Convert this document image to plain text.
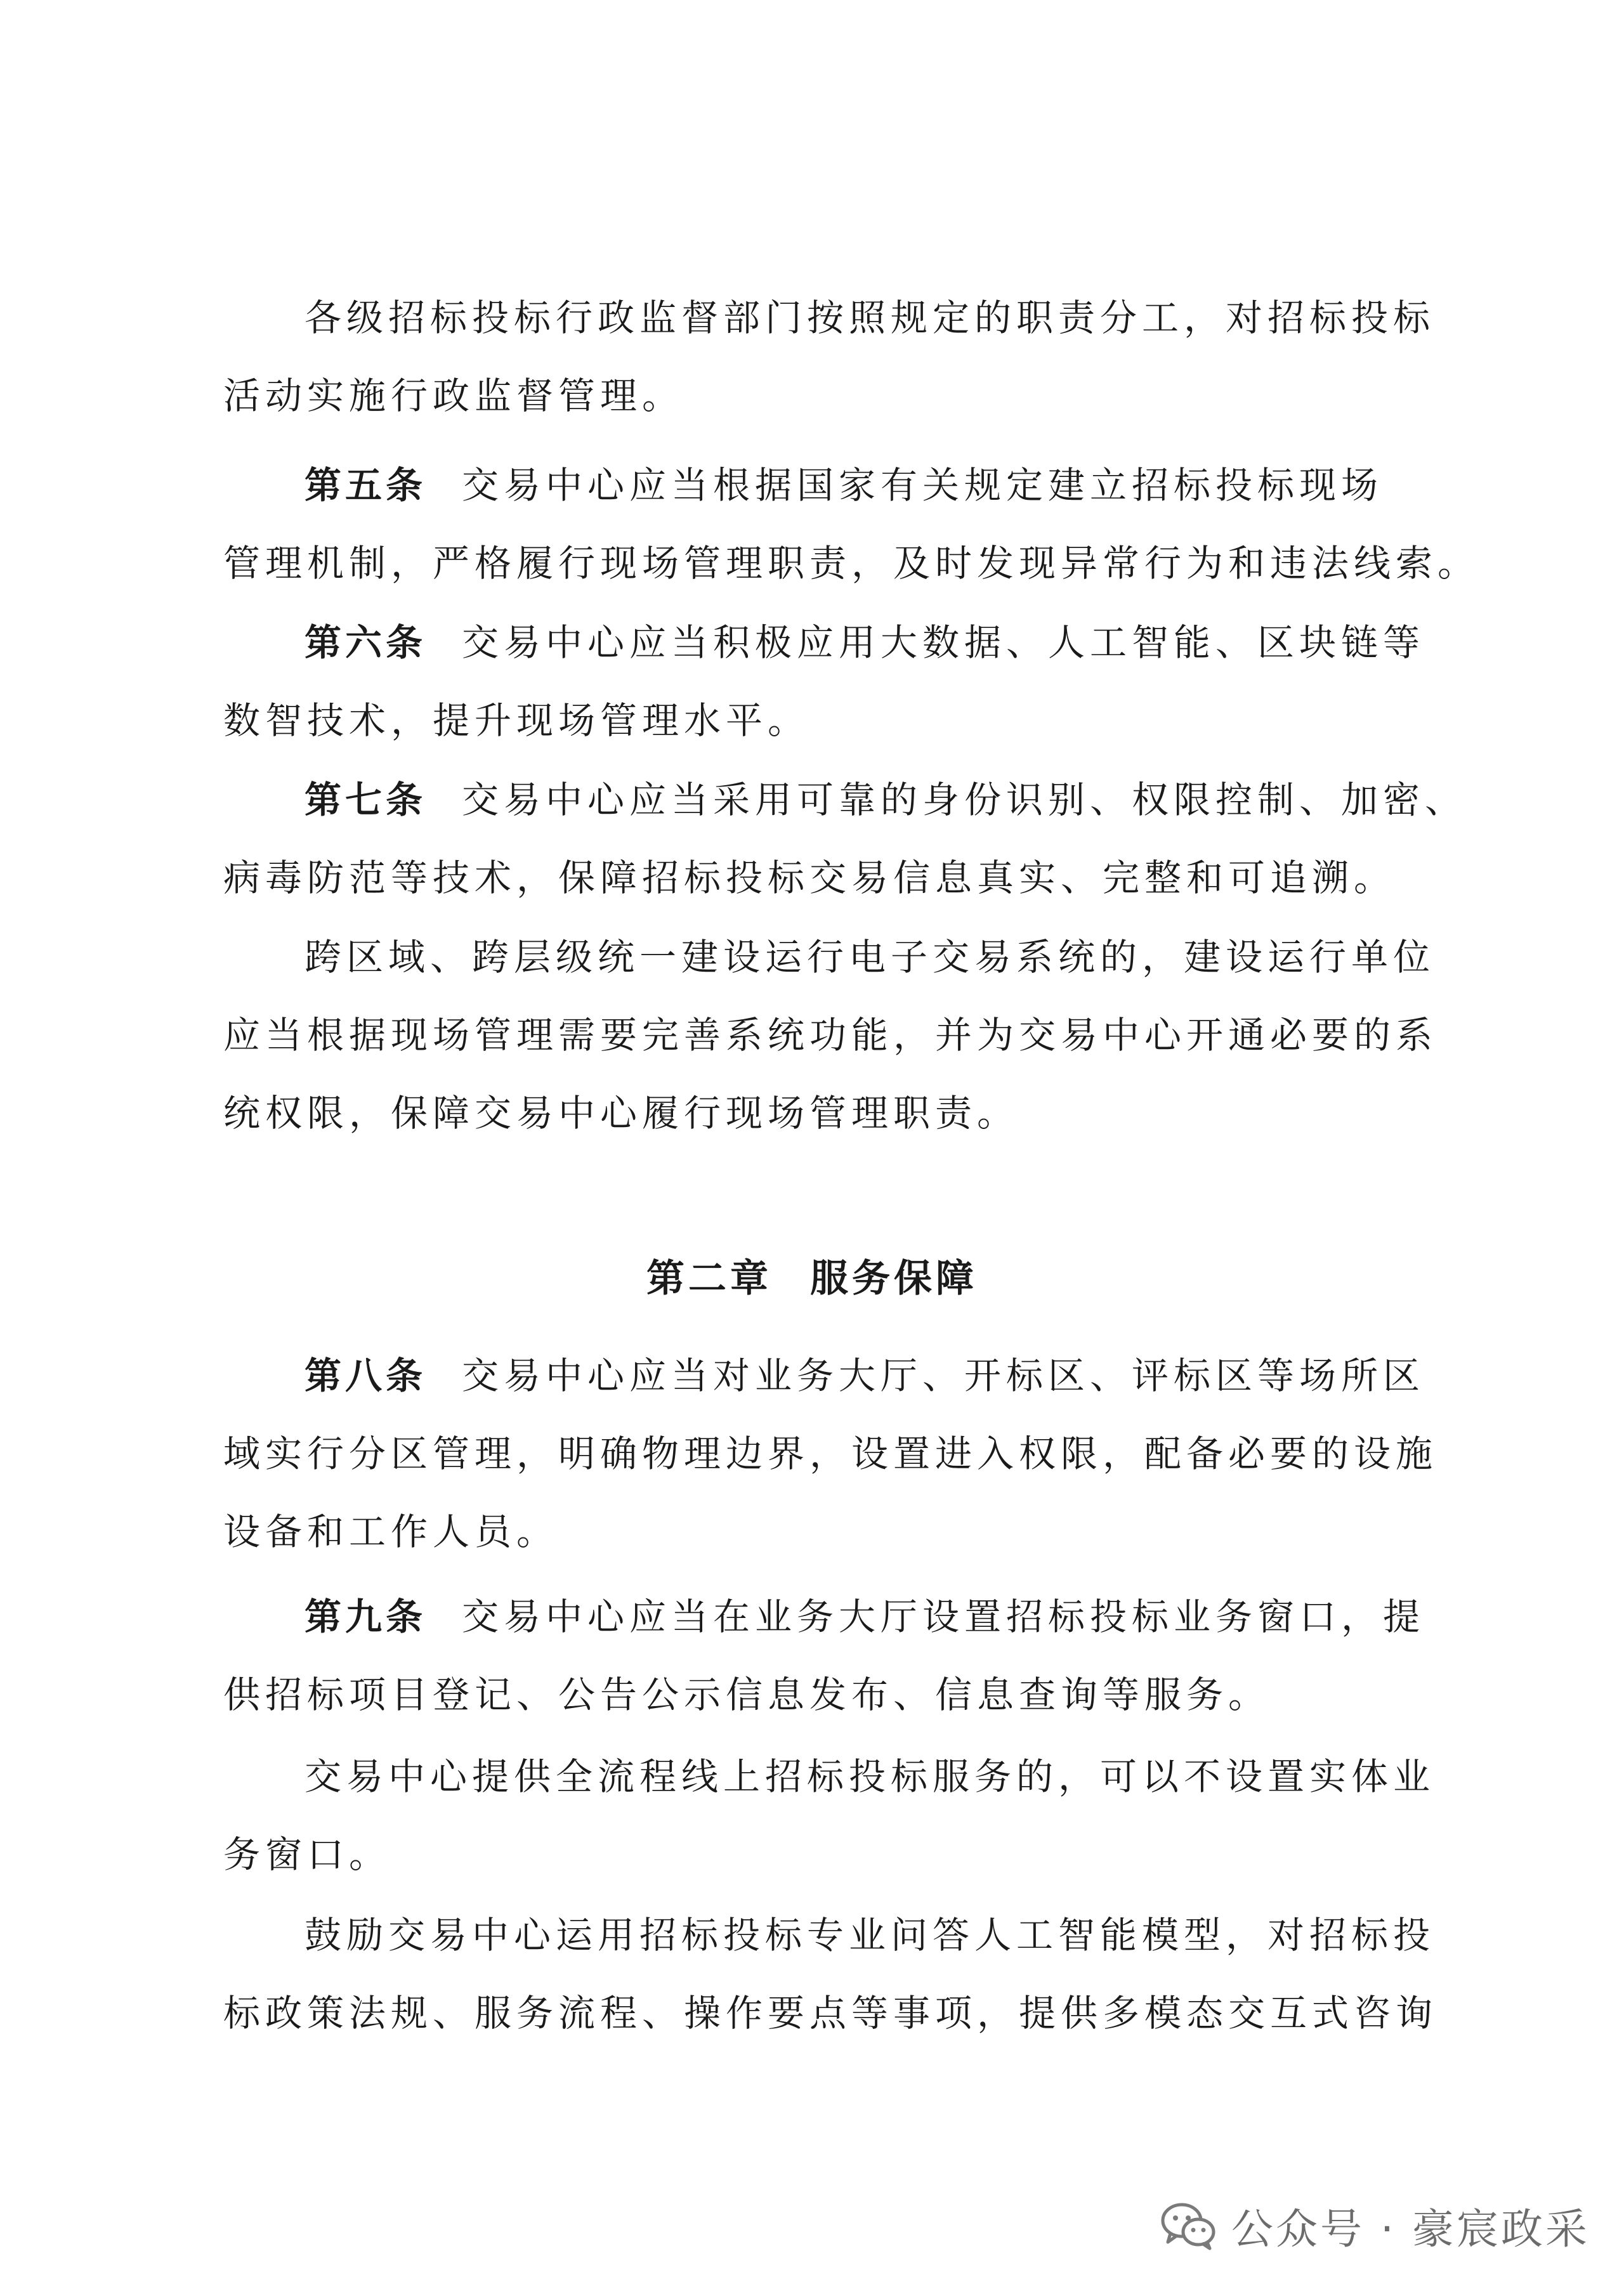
各级招标投标行政监督部门按照规定的职责分工，对招标投标
活动实施行政监督管理。

第五条 交易中心应当根据国家有关规定建立招标投标现场
管理机制，严格履行现场管理职责，及时发现异常行为和违法线索。

第六条 交易中心应当积极应用大数据、人工智能、区块链等
数智技术，提升现场管理水平。

第七条 交易中心应当采用可靠的身份识别、权限控制、加密、
病毒防范等技术，保障招标投标交易信息真实、完整和可追溯。

跨区域、跨层级统一建设运行电子交易系统的，建设运行单位
应当根据现场管理需要完善系统功能，并为交易中心开通必要的系
统权限，保障交易中心履行现场管理职责。

第二章 服务保障

第八条 交易中心应当对业务大厅、开标区、评标区等场所区
域实行分区管理，明确物理边界，设置进入权限，配备必要的设施
设备和工作人员。

第九条 交易中心应当在业务大厅设置招标投标业务窗口，提
供招标项目登记、公告公示信息发布、信息查询等服务。

交易中心提供全流程线上招标投标服务的，可以不设置实体业
务窗口。

鼓励交易中心运用招标投标专业问答人工智能模型，对招标投
标政策法规、服务流程、操作要点等事项，提供多模态交互式咨询

公众号 · 豪宸政采
